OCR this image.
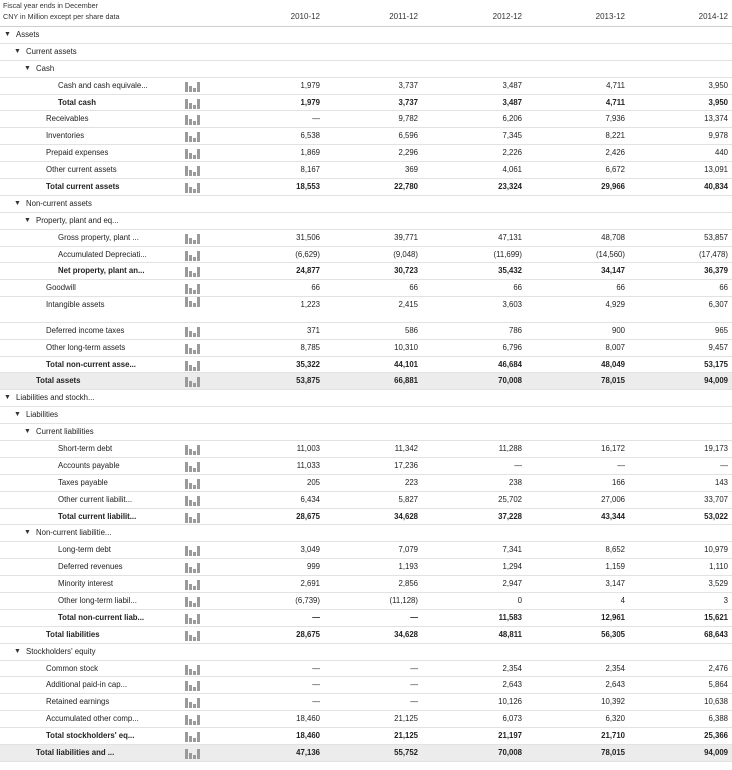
Fiscal year ends in December
CNY in Million except per share data	2010-12	2011-12	2012-12	2013-12	2014-12
▼ Assets
▼ Current assets
▼ Cash
Cash and cash equivale...	1,979	3,737	3,487	4,711	3,950
Total cash	1,979	3,737	3,487	4,711	3,950
Receivables	—	9,782	6,206	7,936	13,374
Inventories	6,538	6,596	7,345	8,221	9,978
Prepaid expenses	1,869	2,296	2,226	2,426	440
Other current assets	8,167	369	4,061	6,672	13,091
Total current assets	18,553	22,780	23,324	29,966	40,834
▼ Non-current assets
▼ Property, plant and eq...
Gross property, plant ...	31,506	39,771	47,131	48,708	53,857
Accumulated Depreciati...	(6,629)	(9,048)	(11,699)	(14,560)	(17,478)
Net property, plant an...	24,877	30,723	35,432	34,147	36,379
Goodwill	66	66	66	66	66
Intangible assets	1,223	2,415	3,603	4,929	6,307
Deferred income taxes	371	586	786	900	965
Other long-term assets	8,785	10,310	6,796	8,007	9,457
Total non-current asse...	35,322	44,101	46,684	48,049	53,175
Total assets	53,875	66,881	70,008	78,015	94,009
▼ Liabilities and stockh...
▼ Liabilities
▼ Current liabilities
Short-term debt	11,003	11,342	11,288	16,172	19,173
Accounts payable	11,033	17,236	—	—	—
Taxes payable	205	223	238	166	143
Other current liabilit...	6,434	5,827	25,702	27,006	33,707
Total current liabilit...	28,675	34,628	37,228	43,344	53,022
▼ Non-current liabilitie...
Long-term debt	3,049	7,079	7,341	8,652	10,979
Deferred revenues	999	1,193	1,294	1,159	1,110
Minority interest	2,691	2,856	2,947	3,147	3,529
Other long-term liabil...	(6,739)	(11,128)	0	4	3
Total non-current liab...	—	—	11,583	12,961	15,621
Total liabilities	28,675	34,628	48,811	56,305	68,643
▼ Stockholders' equity
Common stock	—	—	2,354	2,354	2,476
Additional paid-in cap...	—	—	2,643	2,643	5,864
Retained earnings	—	—	10,126	10,392	10,638
Accumulated other comp...	18,460	21,125	6,073	6,320	6,388
Total stockholders' eq...	18,460	21,125	21,197	21,710	25,366
Total liabilities and ...	47,136	55,752	70,008	78,015	94,009
